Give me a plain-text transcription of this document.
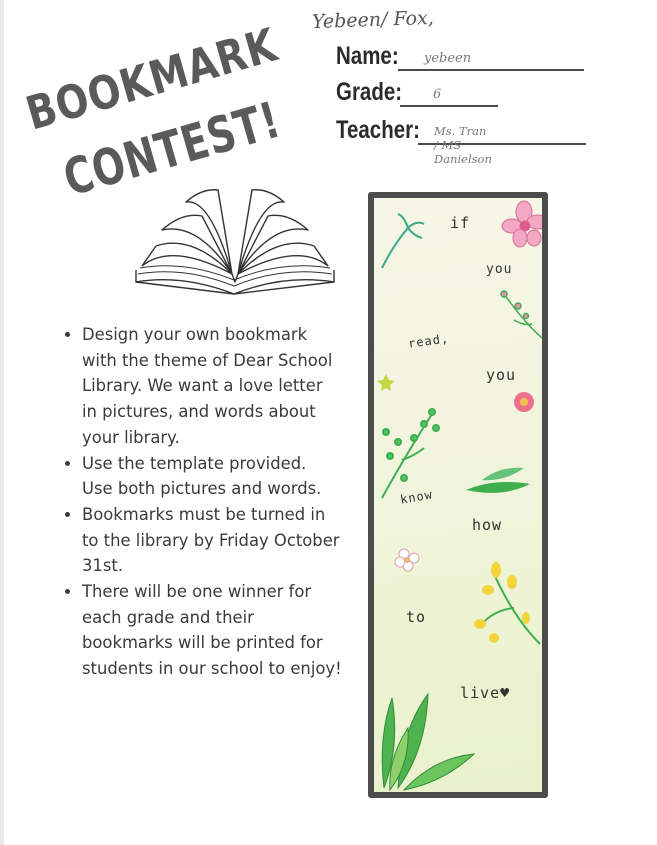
BOOKMARK
CONTEST!
Yebeen/ Fox,
Name:	yebeen
Grade:	6
Teacher:	Ms. Tran / MS Danielson
• Design your own bookmark with the theme of Dear School Library. We want a love letter in pictures, and words about your library.
• Use the template provided. Use both pictures and words.
• Bookmarks must be turned in to the library by Friday October 31st.
• There will be one winner for each grade and their bookmarks will be printed for students in our school to enjoy!
if
you
read,
you
know
how
to
live♥
